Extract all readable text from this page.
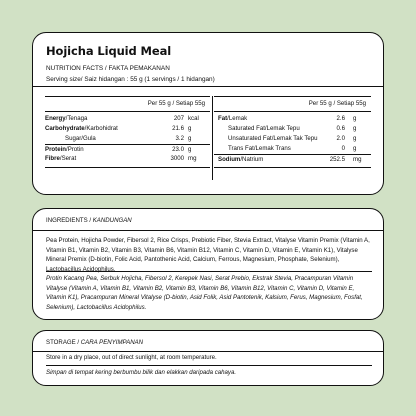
Hojicha Liquid Meal
NUTRITION FACTS / FAKTA PEMAKANAN
Serving size/ Saiz hidangan : 55 g (1 servings / 1 hidangan)
Per 55 g / Setiap 55g	Per 55 g / Setiap 55g
Energy/Tenaga	207 kcal
Carbohydrate/Karbohidrat	21.6 g
Sugar/Gula	3.2 g
Protein/Protin	23.0 g
Fibre/Serat	3000 mg
Fat/Lemak	2.6 g
Saturated Fat/Lemak Tepu	0.6 g
Unsaturated Fat/Lemak Tak Tepu	2.0 g
Trans Fat/Lemak Trans	0 g
Sodium/Natrium	252.5 mg
INGREDIENTS / KANDUNGAN
Pea Protein, Hojicha Powder, Fibersol 2, Rice Crisps, Prebiotic Fiber, Stevia Extract, Vitalyse Vitamin Premix (Vitamin A, Vitamin B1, Vitamin B2, Vitamin B3, Vitamin B6, Vitamin B12, Vitamin C, Vitamin D, Vitamin E, Vitamin K1), Vitalyse Mineral Premix (D-biotin, Folic Acid, Pantothenic Acid, Calcium, Ferrous, Magnesium, Phosphate, Selenium), Lactobacillus Acidophilus.
Protin Kacang Pea, Serbuk Hojicha, Fibersol 2, Kerepek Nasi, Serat Prebio, Ekstrak Stevia, Pracampuran Vitamin Vitalyse (Vitamin A, Vitamin B1, Vitamin B2, Vitamin B3, Vitamin B6, Vitamin B12, Vitamin C, Vitamin D, Vitamin E, Vitamin K1), Pracampuran Mineral Vitalyse (D-biotin, Asid Folik, Asid Pantotenik, Kalsium, Ferus, Magnesium, Fosfat, Selenium), Lactobacillus Acidophilus.
STORAGE / CARA PENYIMPANAN
Store in a dry place, out of direct sunlight, at room temperature.
Simpan di tempat kering berbumbu bilik dan elakkan daripada cahaya.
